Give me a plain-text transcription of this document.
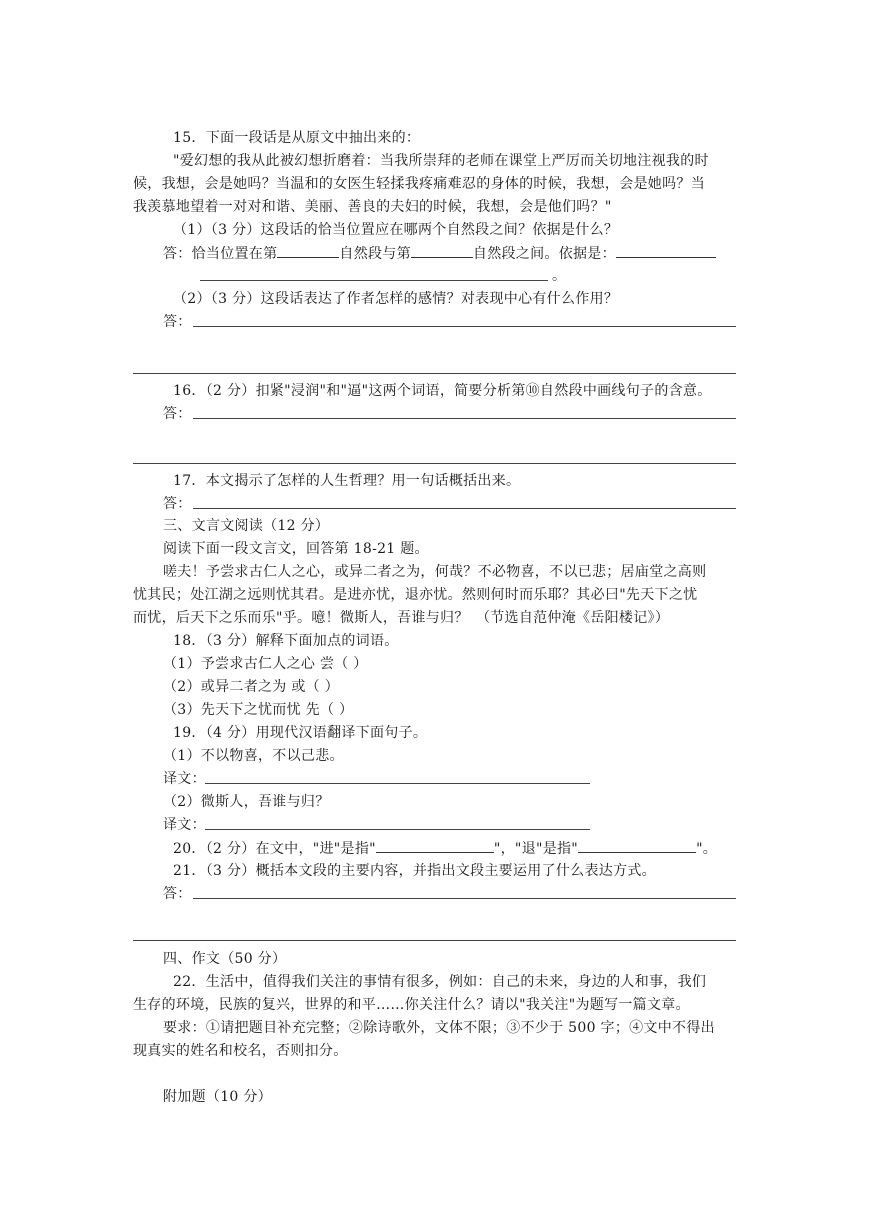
15．下面一段话是从原文中抽出来的：
"爱幻想的我从此被幻想折磨着：当我所崇拜的老师在课堂上严厉而关切地注视我的时
候，我想，会是她吗？当温和的女医生轻揉我疼痛难忍的身体的时候，我想，会是她吗？当
我羡慕地望着一对对和谐、美丽、善良的夫妇的时候，我想，会是他们吗？"
（1）（3 分）这段话的恰当位置应在哪两个自然段之间？依据是什么？
答：恰当位置在第	自然段与第	自然段之间。依据是：
。
（2）（3 分）这段话表达了作者怎样的感情？对表现中心有什么作用？
答：
16．（2 分）扣紧"浸润"和"逼"这两个词语，简要分析第⑩自然段中画线句子的含意。
答：
17．本文揭示了怎样的人生哲理？用一句话概括出来。
答：
三、文言文阅读（12 分）
阅读下面一段文言文，回答第 18-21 题。
嗟夫！予尝求古仁人之心，或异二者之为，何哉？不必物喜，不以已悲；居庙堂之高则
忧其民；处江湖之远则忧其君。是进亦忧，退亦忧。然则何时而乐耶？其必曰"先天下之忧
而忧，后天下之乐而乐"乎。噫！微斯人，吾谁与归？　（节选自范仲淹《岳阳楼记》）
18．（3 分）解释下面加点的词语。
（1）予尝求古仁人之心 尝（ ）
（2）或异二者之为 或（ ）
（3）先天下之忧而忧 先（ ）
19．（4 分）用现代汉语翻译下面句子。
（1）不以物喜，不以己悲。
译文：
（2）微斯人，吾谁与归？
译文：
20．（2 分）在文中，"进"是指"	"，"退"是指"	"。
21．（3 分）概括本文段的主要内容，并指出文段主要运用了什么表达方式。
答：
四、作文（50 分）
22．生活中，值得我们关注的事情有很多，例如：自己的未来，身边的人和事，我们
生存的环境，民族的复兴，世界的和平……你关注什么？请以"我关注"为题写一篇文章。
要求：①请把题目补充完整；②除诗歌外，文体不限；③不少于 500 字；④文中不得出
现真实的姓名和校名，否则扣分。
附加题（10 分）
